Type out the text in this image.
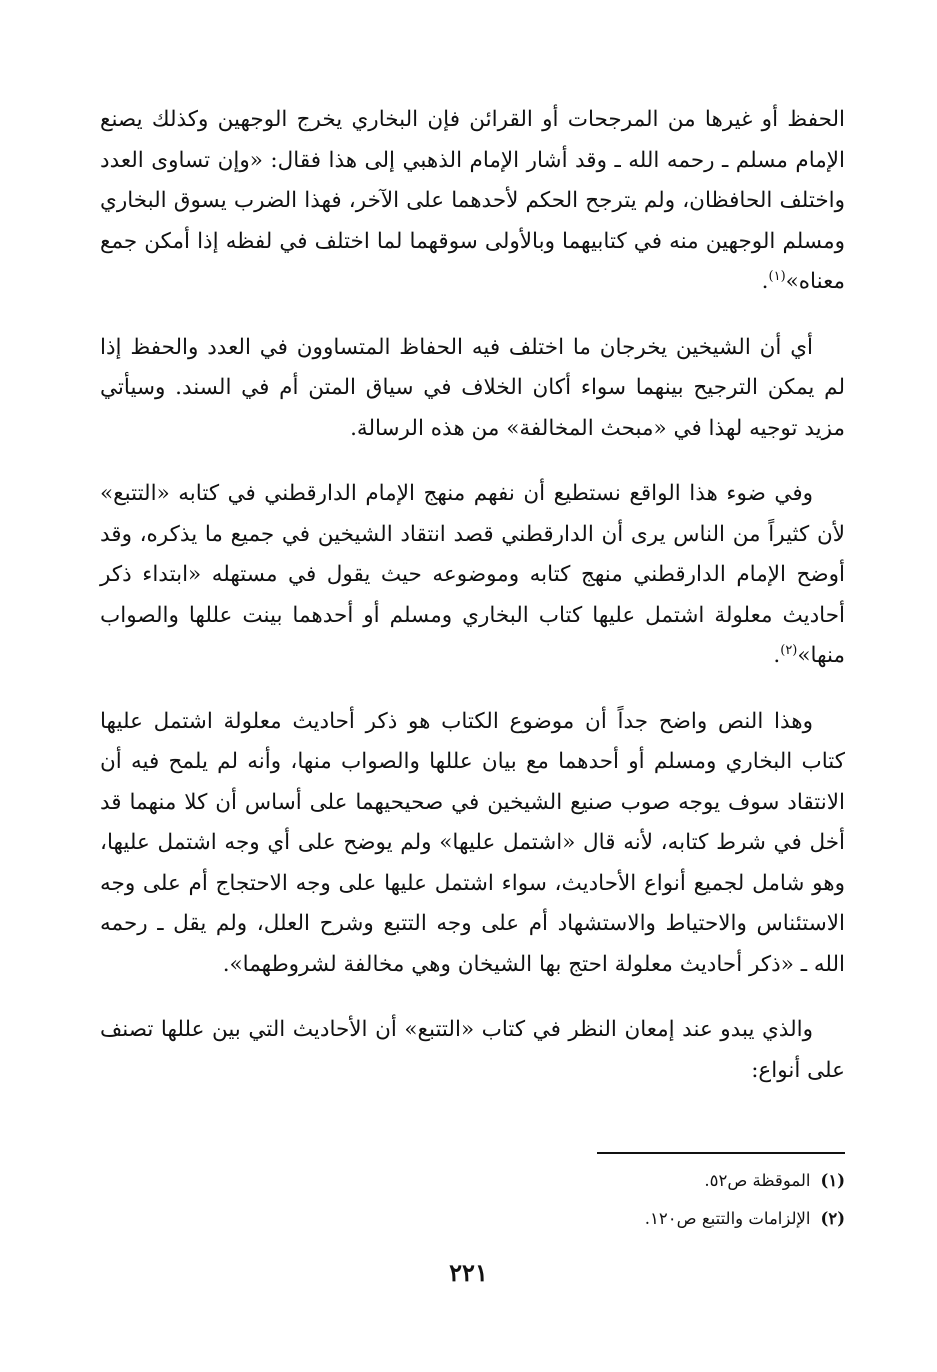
الحفظ أو غيرها من المرجحات أو القرائن فإن البخاري يخرج الوجهين وكذلك يصنع الإمام مسلم ـ رحمه الله ـ وقد أشار الإمام الذهبي إلى هذا فقال: «وإن تساوى العدد واختلف الحافظان، ولم يترجح الحكم لأحدهما على الآخر، فهذا الضرب يسوق البخاري ومسلم الوجهين منه في كتابيهما وبالأولى سوقهما لما اختلف في لفظه إذا أمكن جمع معناه»$^{(١)}$.

أي أن الشيخين يخرجان ما اختلف فيه الحفاظ المتساوون في العدد والحفظ إذا لم يمكن الترجيح بينهما سواء أكان الخلاف في سياق المتن أم في السند. وسيأتي مزيد توجيه لهذا في «مبحث المخالفة» من هذه الرسالة.

وفي ضوء هذا الواقع نستطيع أن نفهم منهج الإمام الدارقطني في كتابه «التتبع» لأن كثيراً من الناس يرى أن الدارقطني قصد انتقاد الشيخين في جميع ما يذكره، وقد أوضح الإمام الدارقطني منهج كتابه وموضوعه حيث يقول في مستهله «ابتداء ذكر أحاديث معلولة اشتمل عليها كتاب البخاري ومسلم أو أحدهما بينت عللها والصواب منها»$^{(٢)}$.

وهذا النص واضح جداً أن موضوع الكتاب هو ذكر أحاديث معلولة اشتمل عليها كتاب البخاري ومسلم أو أحدهما مع بيان عللها والصواب منها، وأنه لم يلمح فيه أن الانتقاد سوف يوجه صوب صنيع الشيخين في صحيحيهما على أساس أن كلا منهما قد أخل في شرط كتابه، لأنه قال «اشتمل عليها» ولم يوضح على أي وجه اشتمل عليها، وهو شامل لجميع أنواع الأحاديث، سواء اشتمل عليها على وجه الاحتجاج أم على وجه الاستئناس والاحتياط والاستشهاد أم على وجه التتبع وشرح العلل، ولم يقل ـ رحمه الله ـ «ذكر أحاديث معلولة احتج بها الشيخان وهي مخالفة لشروطهما».

والذي يبدو عند إمعان النظر في كتاب «التتبع» أن الأحاديث التي بين عللها تصنف على أنواع:

(١)الموقظة ص٥٢.
(٢)الإلزامات والتتبع ص١٢٠.
٢٢١
